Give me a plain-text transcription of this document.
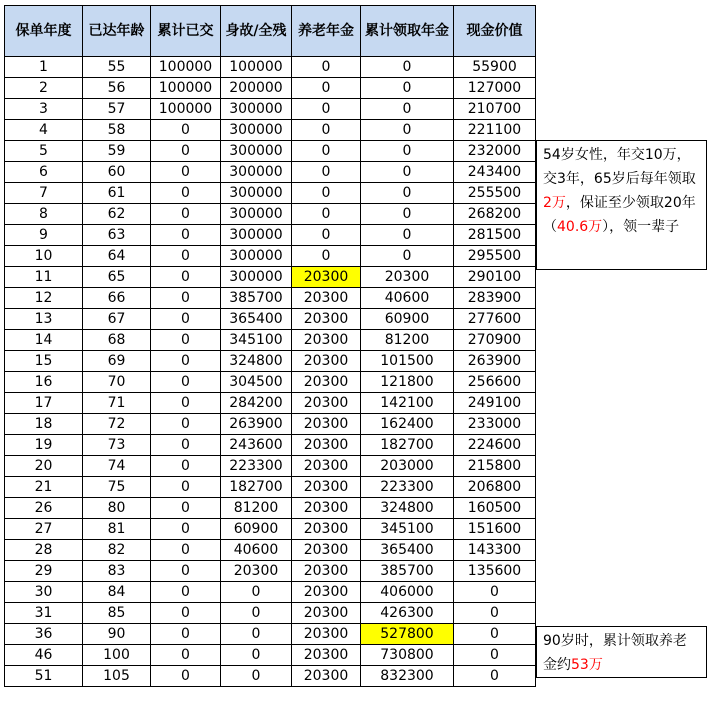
保单年度	已达年龄	累计已交	身故/全残	养老年金	累计领取年金	现金价值
1	55	100000	100000	0	0	55900
2	56	100000	200000	0	0	127000
3	57	100000	300000	0	0	210700
4	58	0	300000	0	0	221100
5	59	0	300000	0	0	232000
6	60	0	300000	0	0	243400
7	61	0	300000	0	0	255500
8	62	0	300000	0	0	268200
9	63	0	300000	0	0	281500
10	64	0	300000	0	0	295500
11	65	0	300000	20300	20300	290100
12	66	0	385700	20300	40600	283900
13	67	0	365400	20300	60900	277600
14	68	0	345100	20300	81200	270900
15	69	0	324800	20300	101500	263900
16	70	0	304500	20300	121800	256600
17	71	0	284200	20300	142100	249100
18	72	0	263900	20300	162400	233000
19	73	0	243600	20300	182700	224600
20	74	0	223300	20300	203000	215800
21	75	0	182700	20300	223300	206800
26	80	0	81200	20300	324800	160500
27	81	0	60900	20300	345100	151600
28	82	0	40600	20300	365400	143300
29	83	0	20300	20300	385700	135600
30	84	0	0	20300	406000	0
31	85	0	0	20300	426300	0
36	90	0	0	20300	527800	0
46	100	0	0	20300	730800	0
51	105	0	0	20300	832300	0
54岁女性，年交10万，交3年，65岁后每年领取2万，保证至少领取20年（40.6万），领一辈子
90岁时，累计领取养老金约53万
